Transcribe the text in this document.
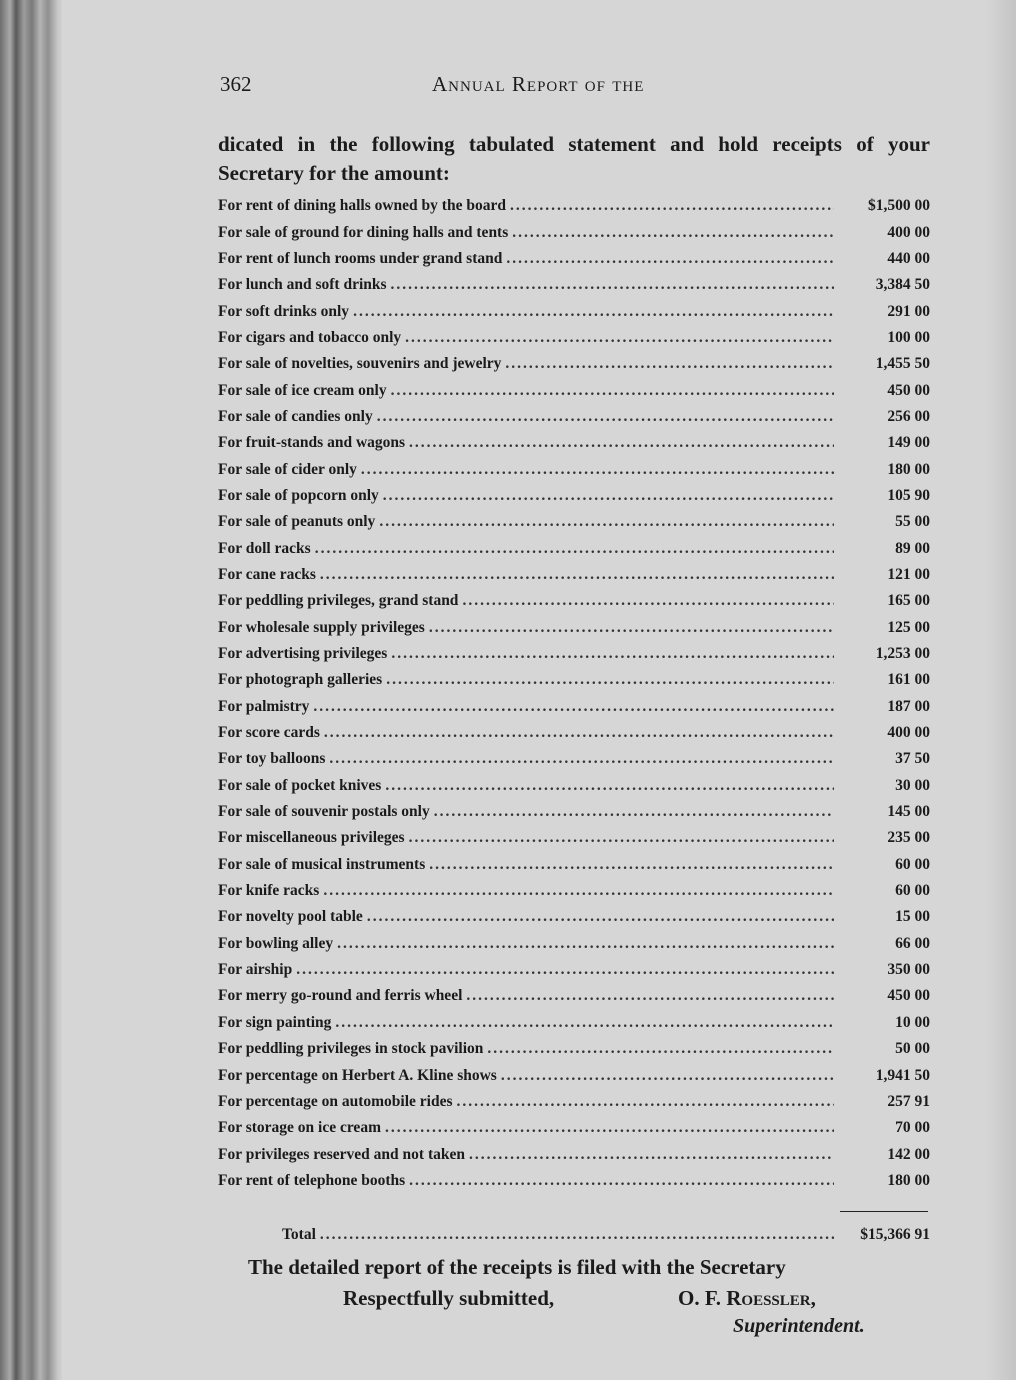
362	Annual Report of the
dicated in the following tabulated statement and hold receipts of your Secretary for the amount:
For rent of dining halls owned by the board .....	$1,500 00
For sale of ground for dining halls and tents .....	400 00
For rent of lunch rooms under grand stand .....	440 00
For lunch and soft drinks .....	3,384 50
For soft drinks only .....	291 00
For cigars and tobacco only .....	100 00
For sale of novelties, souvenirs and jewelry .....	1,455 50
For sale of ice cream only .....	450 00
For sale of candies only .....	256 00
For fruit-stands and wagons .....	149 00
For sale of cider only .....	180 00
For sale of popcorn only .....	105 90
For sale of peanuts only .....	55 00
For doll racks .....	89 00
For cane racks .....	121 00
For peddling privileges, grand stand .....	165 00
For wholesale supply privileges .....	125 00
For advertising privileges .....	1,253 00
For photograph galleries .....	161 00
For palmistry .....	187 00
For score cards .....	400 00
For toy balloons .....	37 50
For sale of pocket knives .....	30 00
For sale of souvenir postals only .....	145 00
For miscellaneous privileges .....	235 00
For sale of musical instruments .....	60 00
For knife racks .....	60 00
For novelty pool table .....	15 00
For bowling alley .....	66 00
For airship .....	350 00
For merry go-round and ferris wheel .....	450 00
For sign painting .....	10 00
For peddling privileges in stock pavilion .....	50 00
For percentage on Herbert A. Kline shows .....	1,941 50
For percentage on automobile rides .....	257 91
For storage on ice cream .....	70 00
For privileges reserved and not taken .....	142 00
For rent of telephone booths .....	180 00
Total .....	$15,366 91
The detailed report of the receipts is filed with the Secretary
Respectfully submitted,	O. F. Roessler,
Superintendent.
